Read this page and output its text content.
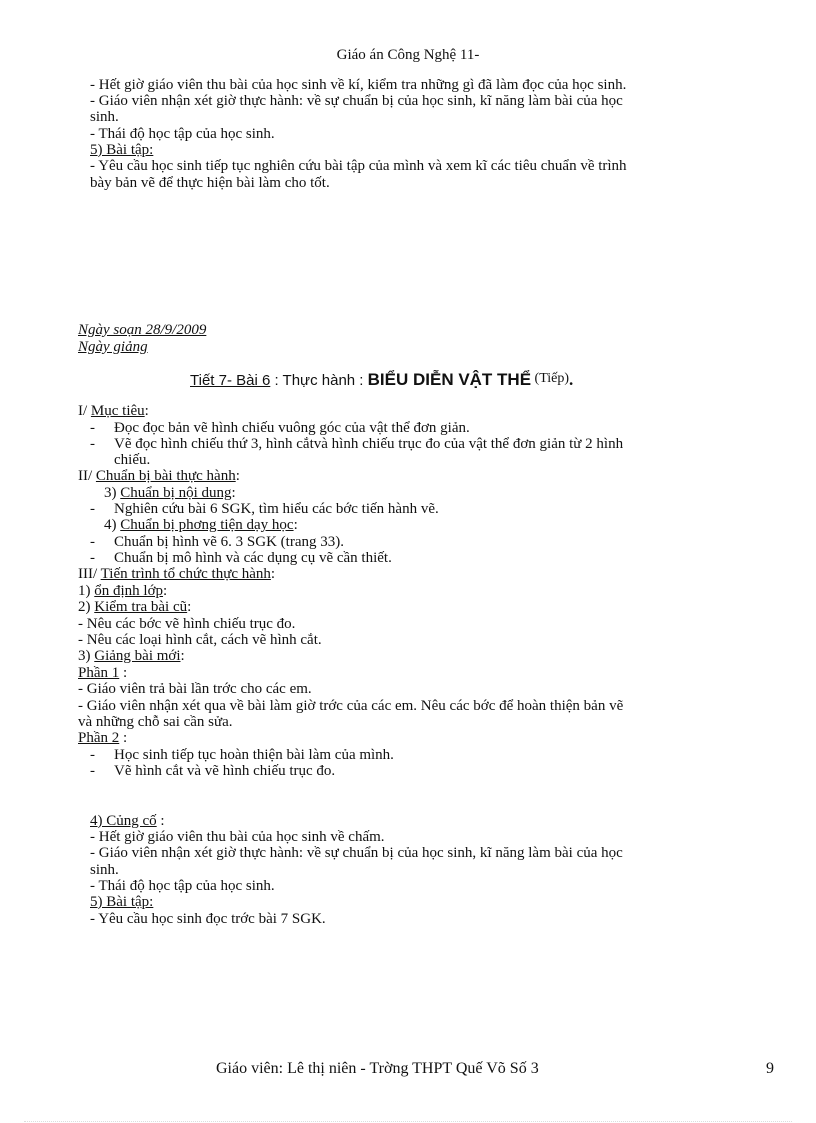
Giáo án Công Nghệ 11-
- Hết giờ giáo viên thu bài của học sinh về kí, kiểm tra những gì đã làm đọc của học sinh.
- Giáo viên nhận xét giờ thực hành: về sự chuẩn bị của học sinh, kĩ năng làm bài của học
sinh.
- Thái độ học tập của học sinh.
5) Bài tập:
- Yêu cầu học sinh tiếp tục nghiên cứu bài tập của mình và xem kĩ các tiêu chuẩn về trình
bày bản vẽ để thực hiện bài làm cho tốt.
Ngày soạn 28/9/2009
Ngày giảng
Tiết 7- Bài 6 : Thực hành : BIỂU DIỄN VẬT THỂ (Tiếp).
I/ Mục tiêu:
- Đọc đọc bản vẽ hình chiếu vuông góc của vật thể đơn giản.
- Vẽ đọc hình chiếu thứ 3, hình cắtvà hình chiếu trục đo của vật thể đơn giản từ 2 hình
chiếu.
II/ Chuẩn bị bài thực hành:
3) Chuẩn bị nội dung:
- Nghiên cứu bài 6 SGK, tìm hiểu các bớc tiến hành vẽ.
4) Chuẩn bị phơng tiện dạy học:
- Chuẩn bị hình vẽ 6. 3 SGK (trang 33).
- Chuẩn bị mô hình và các dụng cụ vẽ cần thiết.
III/ Tiến trình tổ chức thực hành:
1) ổn định lớp:
2) Kiểm tra bài cũ:
- Nêu các bớc vẽ hình chiếu trục đo.
- Nêu các loại hình cắt, cách vẽ hình cắt.
3) Giảng bài mới:
Phần 1 :
- Giáo viên trả bài lần trớc cho các em.
- Giáo viên nhận xét qua về bài làm giờ trớc của các em. Nêu các bớc để hoàn thiện bản vẽ
và những chỗ sai cần sửa.
Phần 2 :
- Học sinh tiếp tục hoàn thiện bài làm của mình.
- Vẽ hình cắt và vẽ hình chiếu trục đo.
4) Củng cố :
- Hết giờ giáo viên thu bài của học sinh về chấm.
- Giáo viên nhận xét giờ thực hành: về sự chuẩn bị của học sinh, kĩ năng làm bài của học
sinh.
- Thái độ học tập của học sinh.
5) Bài tập:
- Yêu cầu học sinh đọc trớc bài 7 SGK.
Giáo viên: Lê thị niên - Trờng THPT Quế Võ Số 3	9
